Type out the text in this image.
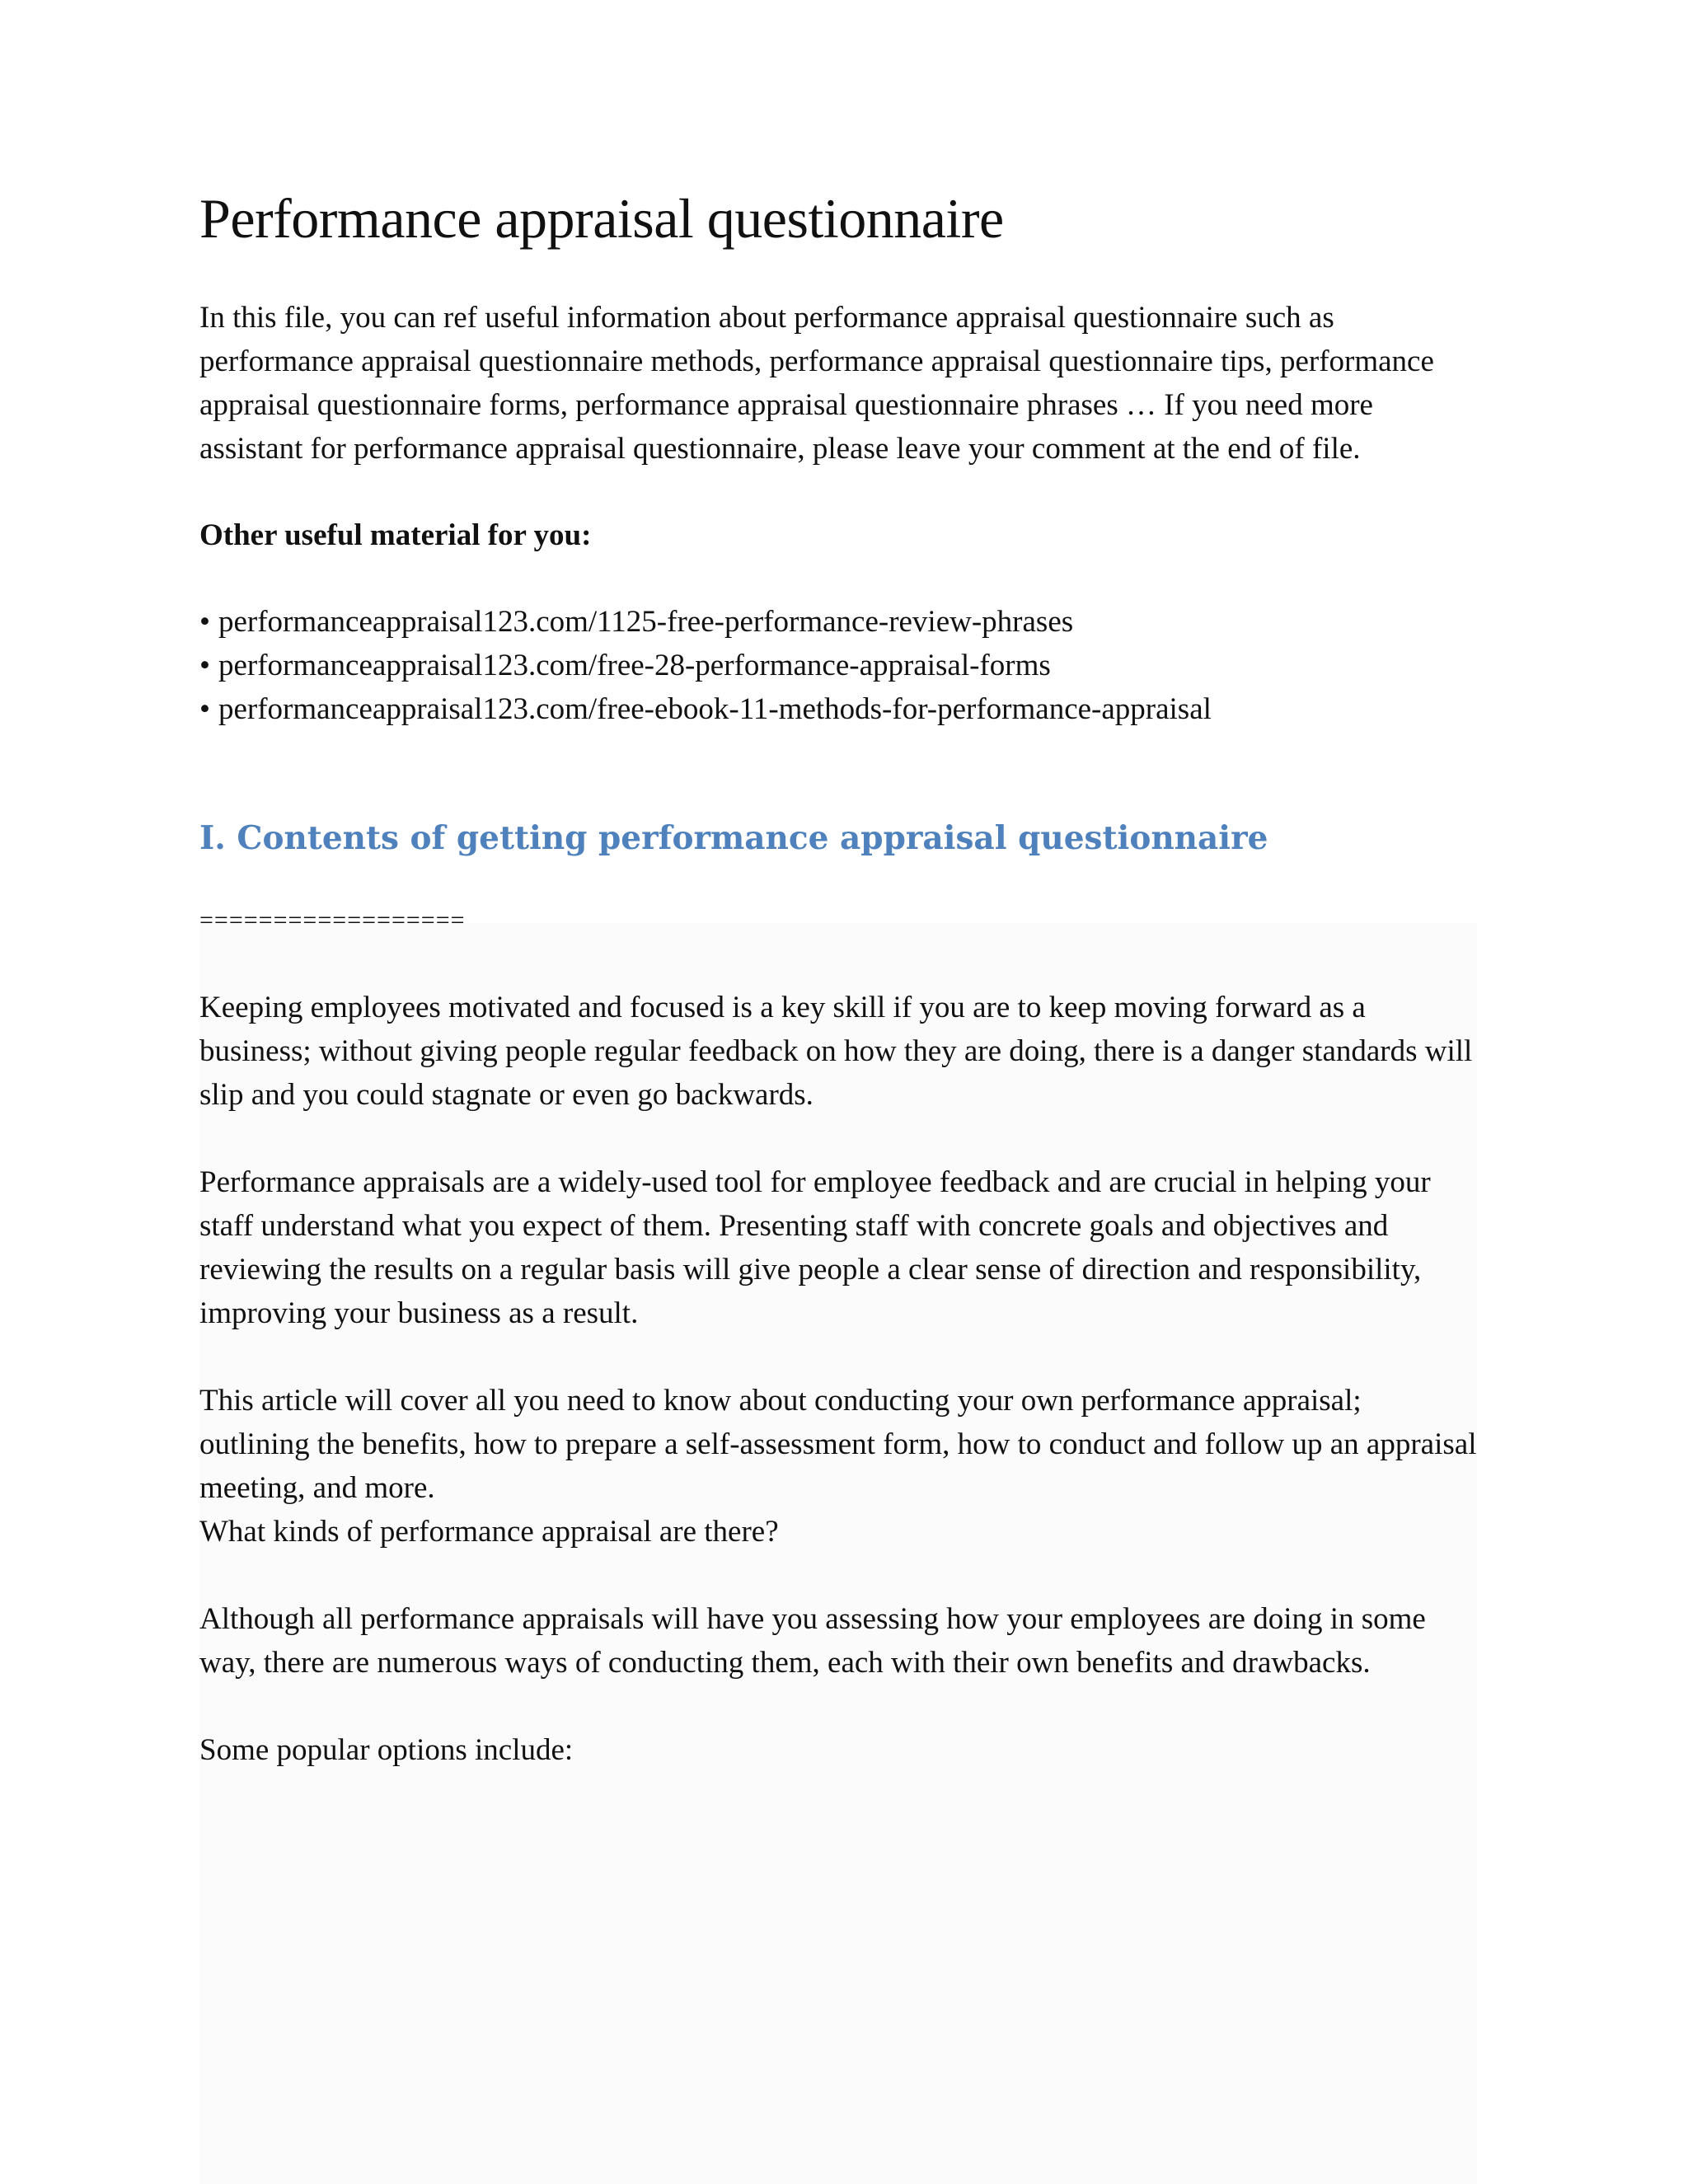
Performance appraisal questionnaire

In this file, you can ref useful information about performance appraisal questionnaire such as performance appraisal questionnaire methods, performance appraisal questionnaire tips, performance appraisal questionnaire forms, performance appraisal questionnaire phrases … If you need more assistant for performance appraisal questionnaire, please leave your comment at the end of file.

Other useful material for you:

• performanceappraisal123.com/1125-free-performance-review-phrases
• performanceappraisal123.com/free-28-performance-appraisal-forms
• performanceappraisal123.com/free-ebook-11-methods-for-performance-appraisal
I. Contents of getting performance appraisal questionnaire

==================

Keeping employees motivated and focused is a key skill if you are to keep moving forward as a business; without giving people regular feedback on how they are doing, there is a danger standards will slip and you could stagnate or even go backwards.

Performance appraisals are a widely-used tool for employee feedback and are crucial in helping your staff understand what you expect of them. Presenting staff with concrete goals and objectives and reviewing the results on a regular basis will give people a clear sense of direction and responsibility, improving your business as a result.

This article will cover all you need to know about conducting your own performance appraisal; outlining the benefits, how to prepare a self-assessment form, how to conduct and follow up an appraisal meeting, and more.

What kinds of performance appraisal are there?

Although all performance appraisals will have you assessing how your employees are doing in some way, there are numerous ways of conducting them, each with their own benefits and drawbacks.

Some popular options include:
